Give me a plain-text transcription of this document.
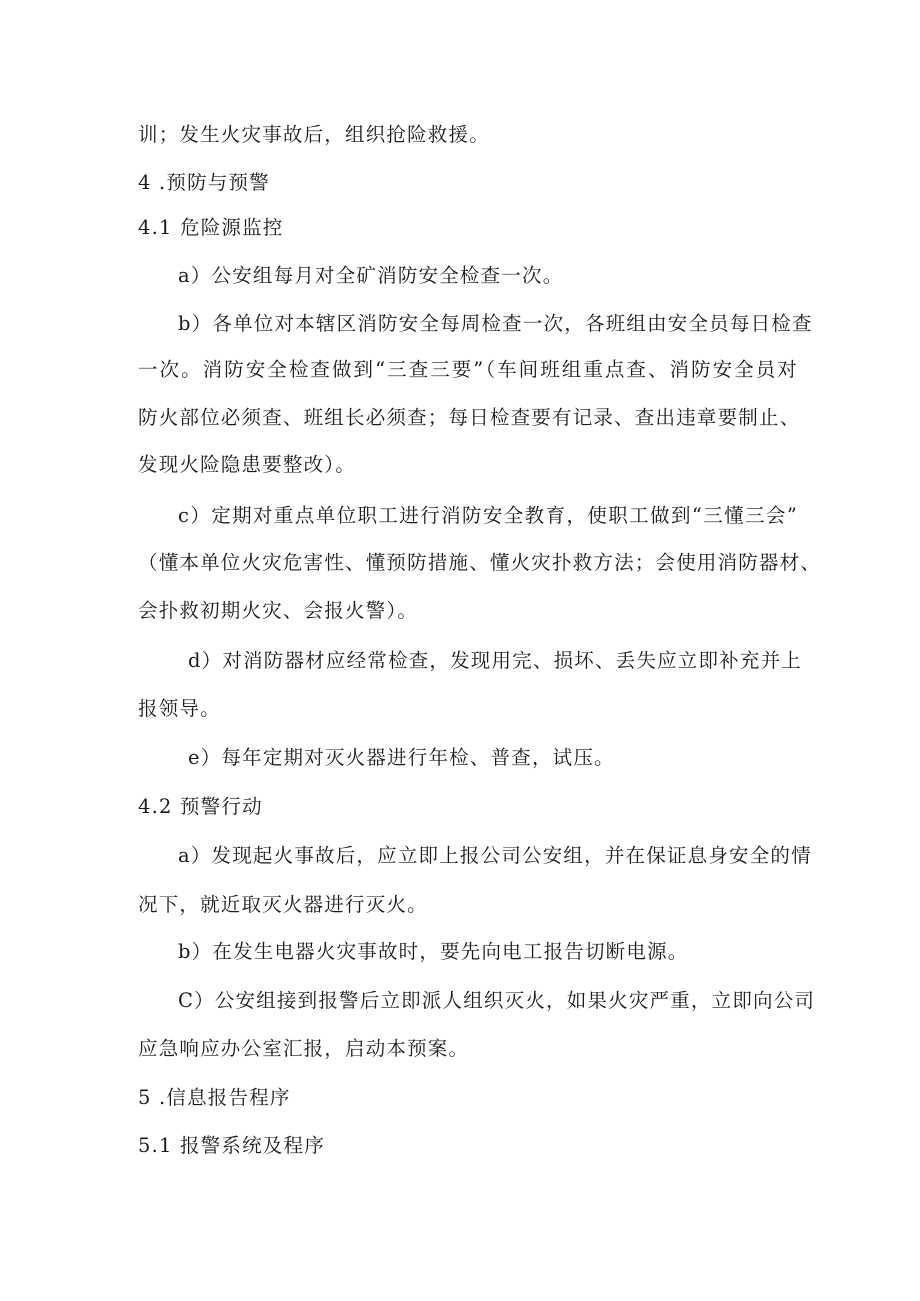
训；发生火灾事故后，组织抢险救援。
4 .预防与预警
4.1 危险源监控
a）公安组每月对全矿消防安全检查一次。
b）各单位对本辖区消防安全每周检查一次，各班组由安全员每日检查
一次。消防安全检查做到“三查三要”（车间班组重点查、消防安全员对
防火部位必须查、班组长必须查；每日检查要有记录、查出违章要制止、
发现火险隐患要整改）。
c）定期对重点单位职工进行消防安全教育，使职工做到“三懂三会”
（懂本单位火灾危害性、懂预防措施、懂火灾扑救方法；会使用消防器材、
会扑救初期火灾、会报火警）。
d）对消防器材应经常检查，发现用完、损坏、丢失应立即补充并上
报领导。
e）每年定期对灭火器进行年检、普查，试压。
4.2 预警行动
a）发现起火事故后，应立即上报公司公安组，并在保证息身安全的情
况下，就近取灭火器进行灭火。
b）在发生电器火灾事故时，要先向电工报告切断电源。
C）公安组接到报警后立即派人组织灭火，如果火灾严重，立即向公司
应急响应办公室汇报，启动本预案。
5 .信息报告程序
5.1 报警系统及程序
